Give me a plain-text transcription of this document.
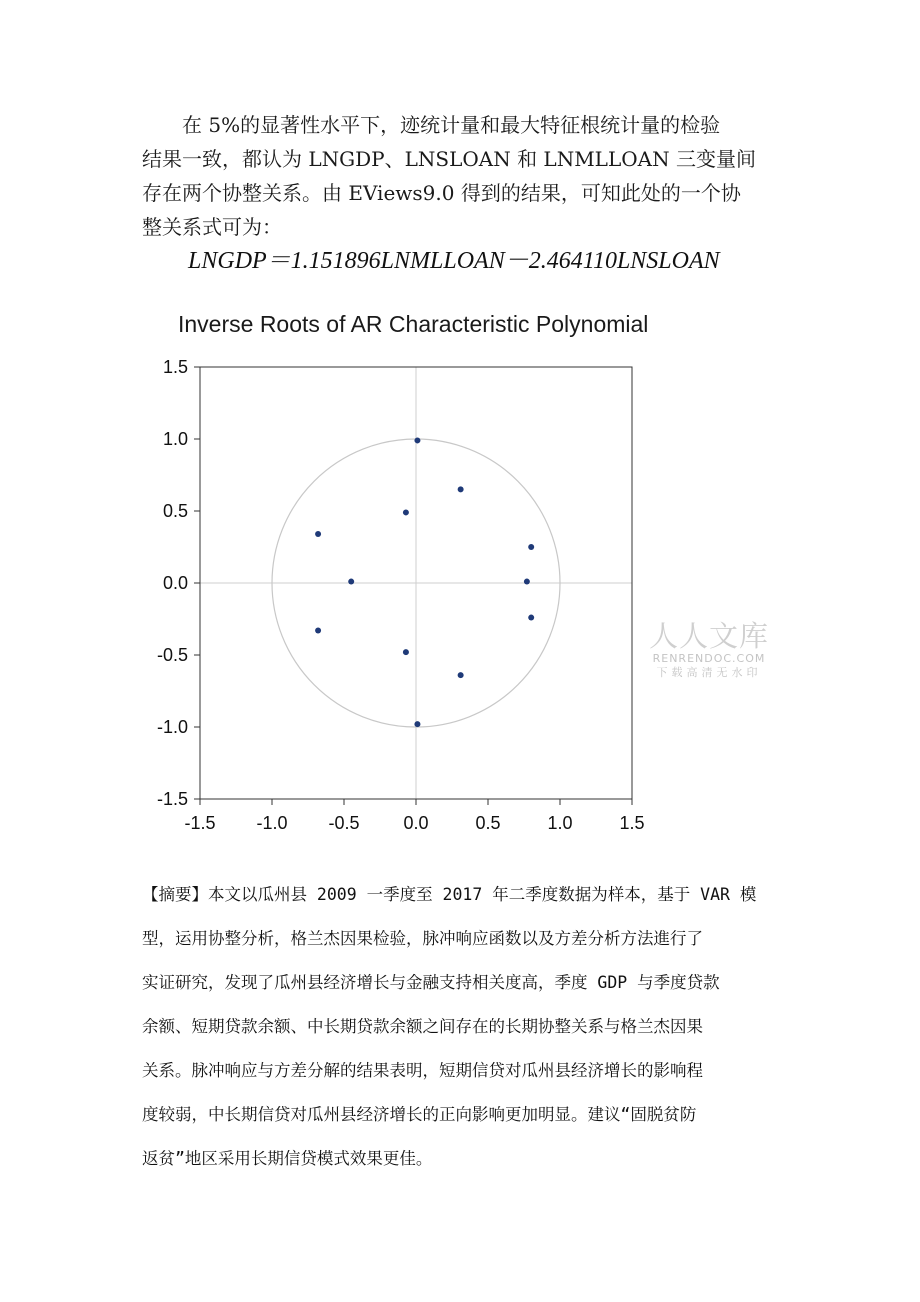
在 5%的显著性水平下，迹统计量和最大特征根统计量的检验

结果一致，都认为 LNGDP、LNSLOAN 和 LNMLLOAN 三变量间

存在两个协整关系。由 EViews9.0 得到的结果，可知此处的一个协

整关系式可为：

LNGDP＝1.151896LNMLLOAN－2.464110LNSLOAN
Inverse Roots of AR Characteristic Polynomial
1.5
1.0
0.5
0.0
-0.5
-1.0
-1.5
-1.5 -1.0 -0.5 0.0	0.5	1.0	1.5
人人文库
RENRENDOC.COM
下载高清无水印

【摘要】本文以瓜州县 2009 一季度至 2017 年二季度数据为样本，基于 VAR 模

型，运用协整分析，格兰杰因果检验，脉冲响应函数以及方差分析方法進行了

实证研究，发现了瓜州县经济增长与金融支持相关度高，季度 GDP 与季度贷款

余额、短期贷款余额、中长期贷款余额之间存在的长期协整关系与格兰杰因果

关系。脉冲响应与方差分解的结果表明，短期信贷对瓜州县经济增长的影响程

度较弱，中长期信贷对瓜州县经济增长的正向影响更加明显。建议“固脱贫防

返贫”地区采用长期信贷模式效果更佳。
